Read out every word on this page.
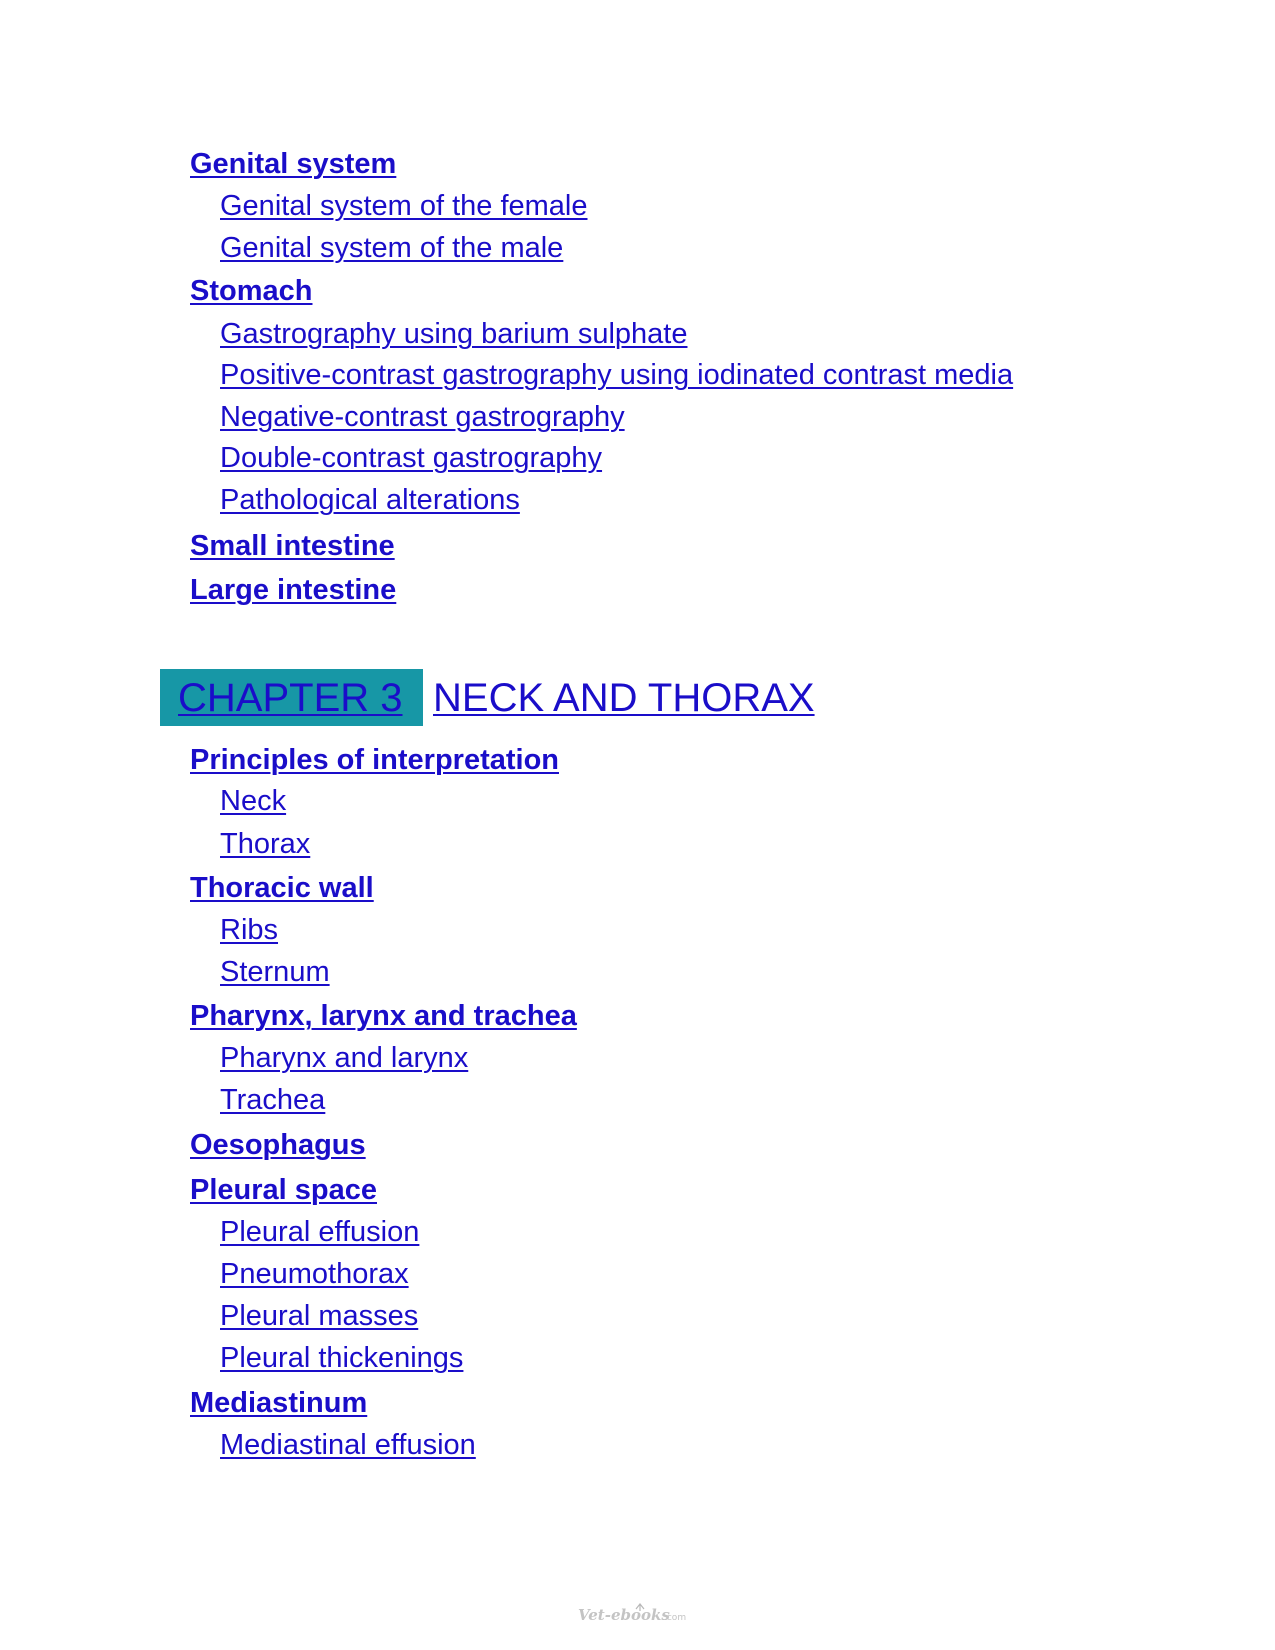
Genital system
Genital system of the female
Genital system of the male
Stomach
Gastrography using barium sulphate
Positive-contrast gastrography using iodinated contrast media
Negative-contrast gastrography
Double-contrast gastrography
Pathological alterations
Small intestine
Large intestine
CHAPTER 3 NECK AND THORAX
Principles of interpretation
Neck
Thorax
Thoracic wall
Ribs
Sternum
Pharynx, larynx and trachea
Pharynx and larynx
Trachea
Oesophagus
Pleural space
Pleural effusion
Pneumothorax
Pleural masses
Pleural thickenings
Mediastinum
Mediastinal effusion
Vet-ebooks
.com
